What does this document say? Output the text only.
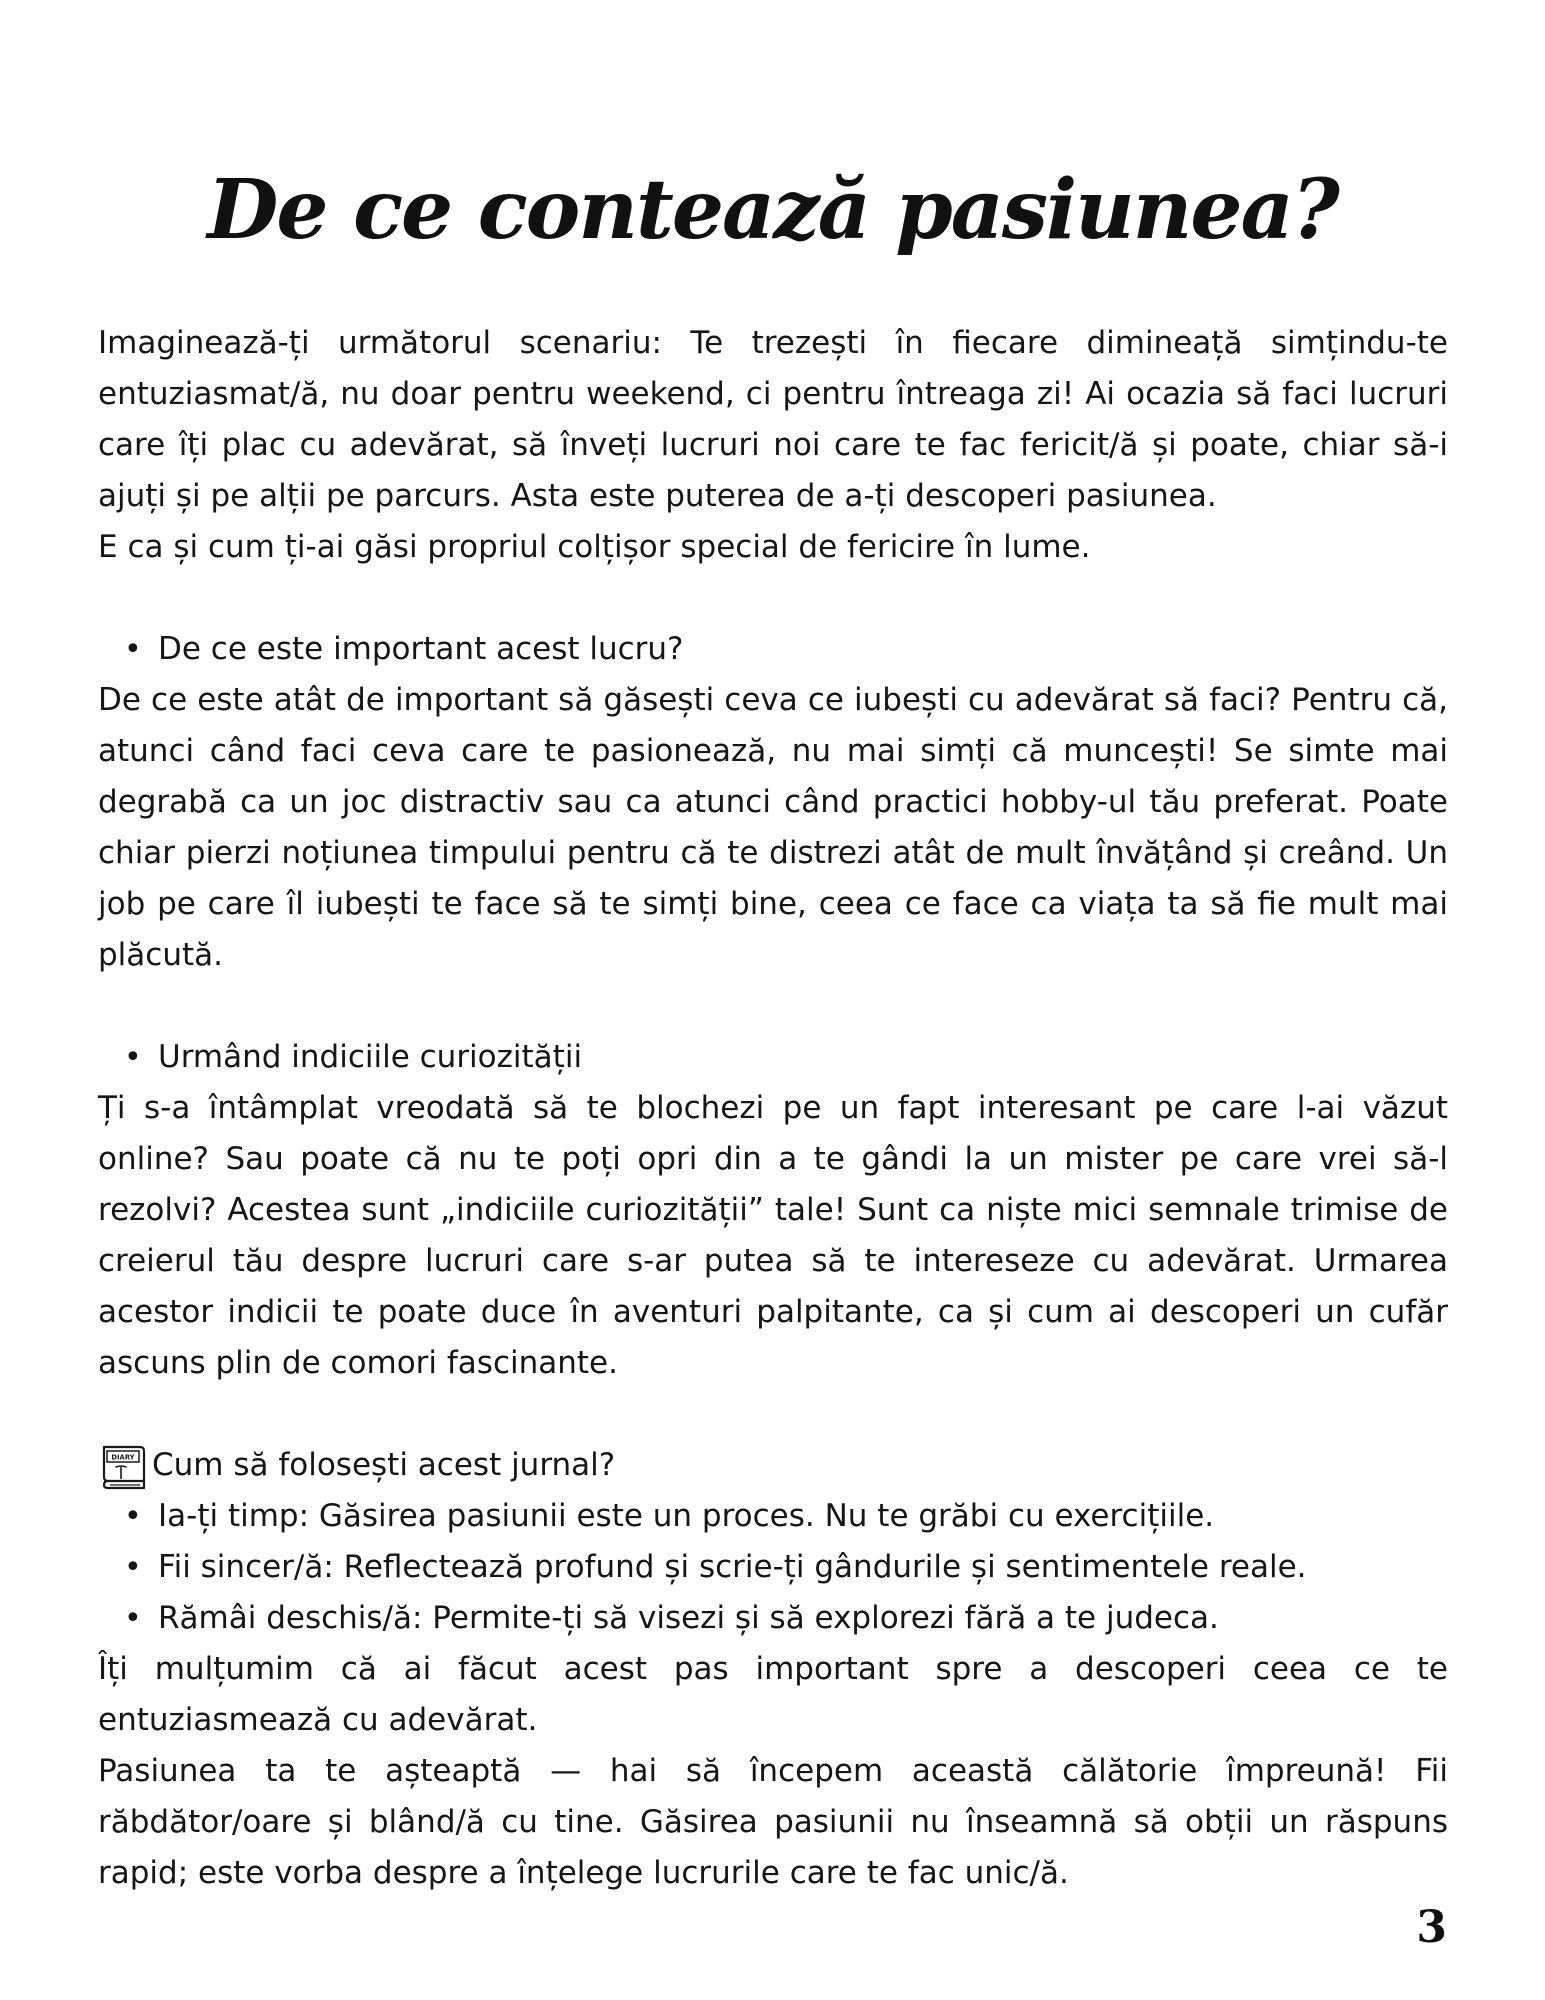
De ce contează pasiunea?

Imaginează-ți următorul scenariu: Te trezești în fiecare dimineață simțindu-te entuziasmat/ă, nu doar pentru weekend, ci pentru întreaga zi! Ai ocazia să faci lucruri care îți plac cu adevărat, să înveți lucruri noi care te fac fericit/ă și poate, chiar să-i ajuți și pe alții pe parcurs. Asta este puterea de a-ți descoperi pasiunea.

E ca și cum ți-ai găsi propriul colțișor special de fericire în lume.

• De ce este important acest lucru?

De ce este atât de important să găsești ceva ce iubești cu adevărat să faci? Pentru că, atunci când faci ceva care te pasionează, nu mai simți că muncești! Se simte mai degrabă ca un joc distractiv sau ca atunci când practici hobby-ul tău preferat. Poate chiar pierzi noțiunea timpului pentru că te distrezi atât de mult învățând și creând. Un job pe care îl iubești te face să te simți bine, ceea ce face ca viața ta să fie mult mai plăcută.

• Urmând indiciile curiozității

Ți s-a întâmplat vreodată să te blochezi pe un fapt interesant pe care l-ai văzut online? Sau poate că nu te poți opri din a te gândi la un mister pe care vrei să-l rezolvi? Acestea sunt „indiciile curiozității” tale! Sunt ca niște mici semnale trimise de creierul tău despre lucruri care s-ar putea să te intereseze cu adevărat. Urmarea acestor indicii te poate duce în aventuri palpitante, ca și cum ai descoperi un cufăr ascuns plin de comori fascinante.

DIARY Cum să folosești acest jurnal?
• Ia-ți timp: Găsirea pasiunii este un proces. Nu te grăbi cu exercițiile.
• Fii sincer/ă: Reflectează profund și scrie-ți gândurile și sentimentele reale.
• Rămâi deschis/ă: Permite-ți să visezi și să explorezi fără a te judeca.

Îți mulțumim că ai făcut acest pas important spre a descoperi ceea ce te entuziasmează cu adevărat.

Pasiunea ta te așteaptă — hai să începem această călătorie împreună! Fii răbdător/oare și blând/ă cu tine. Găsirea pasiunii nu înseamnă să obții un răspuns rapid; este vorba despre a înțelege lucrurile care te fac unic/ă.

3
